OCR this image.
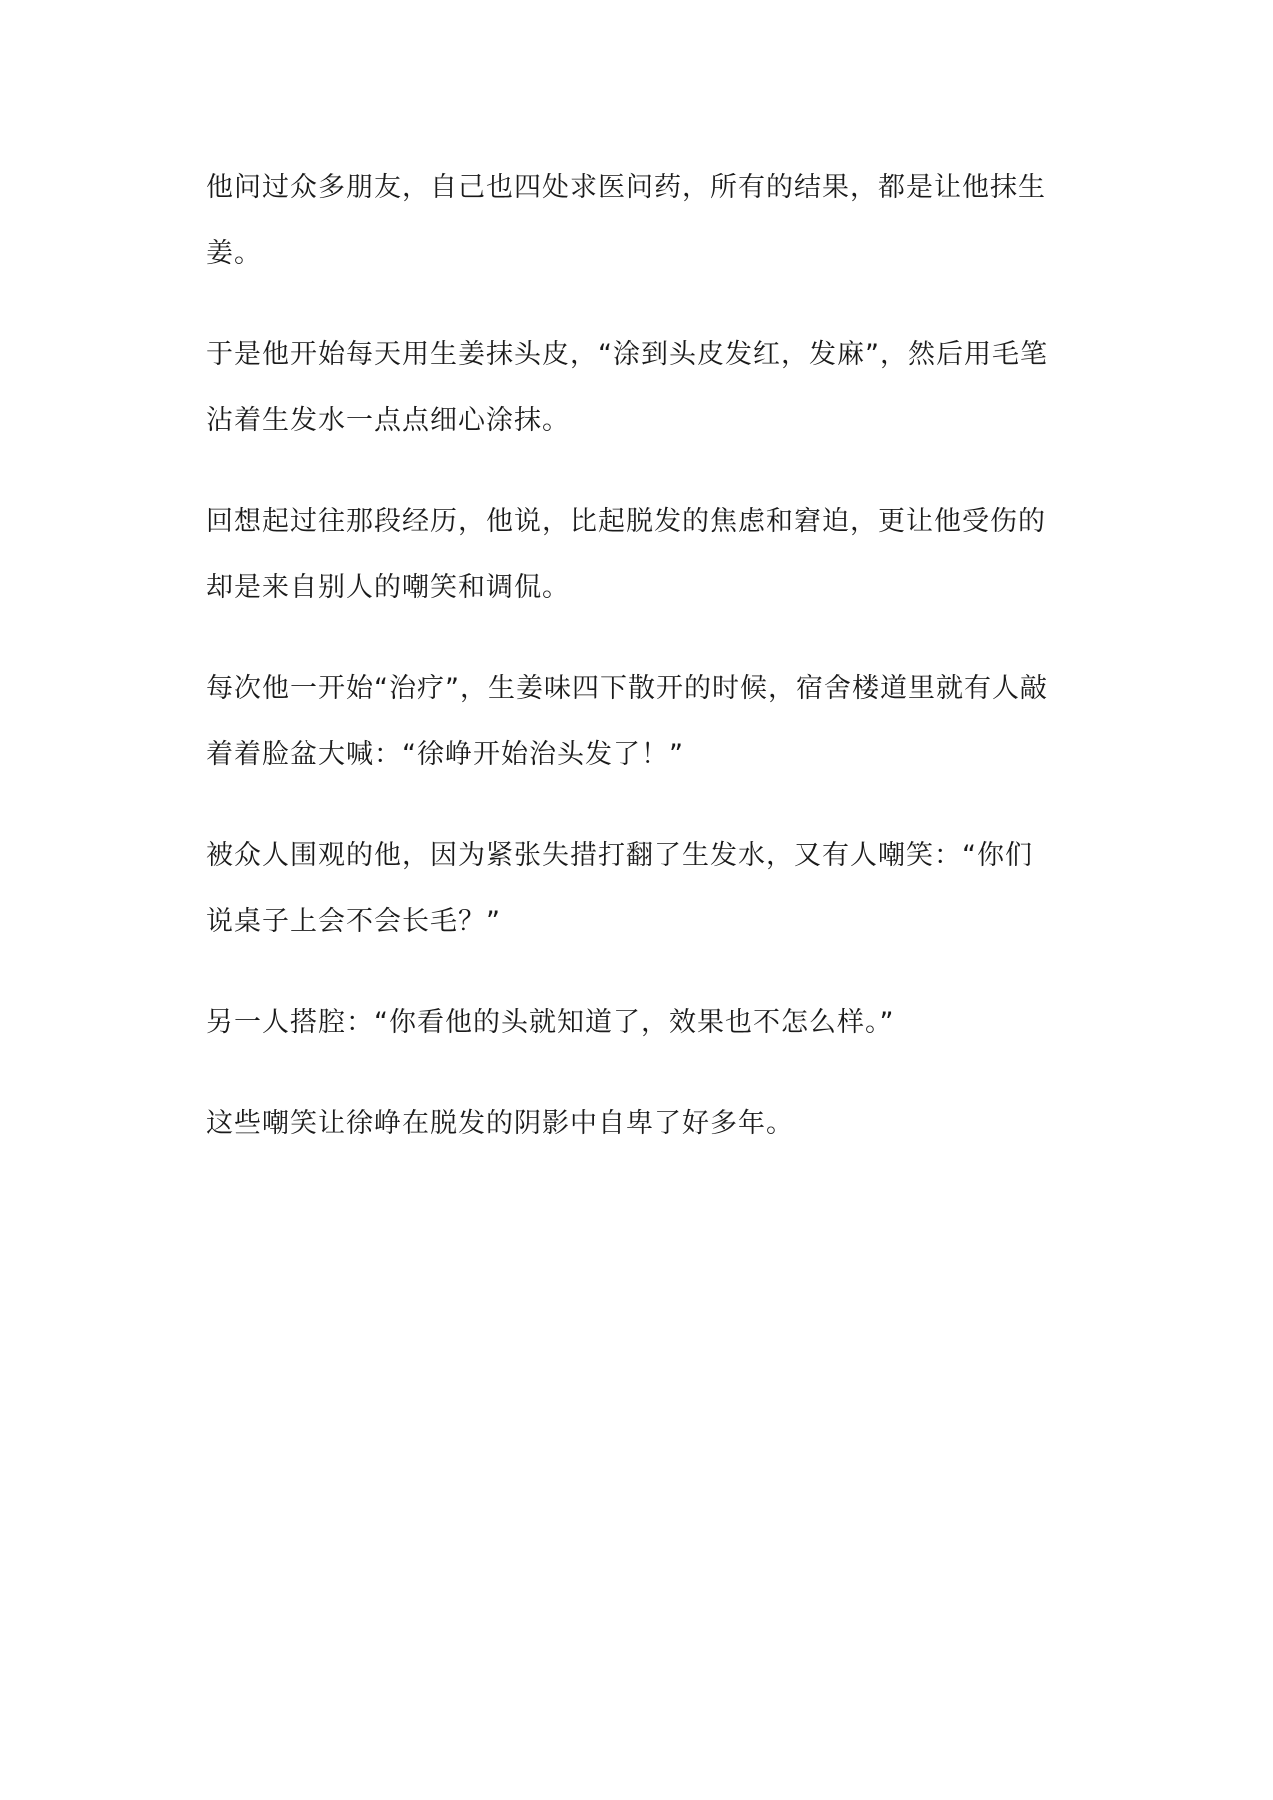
他问过众多朋友，自己也四处求医问药，所有的结果，都是让他抹生
姜。

于是他开始每天用生姜抹头皮，“涂到头皮发红，发麻”，然后用毛笔
沾着生发水一点点细心涂抹。

回想起过往那段经历，他说，比起脱发的焦虑和窘迫，更让他受伤的
却是来自别人的嘲笑和调侃。

每次他一开始“治疗”，生姜味四下散开的时候，宿舍楼道里就有人敲
着着脸盆大喊：“徐峥开始治头发了！”

被众人围观的他，因为紧张失措打翻了生发水，又有人嘲笑：“你们
说桌子上会不会长毛？”

另一人搭腔：“你看他的头就知道了，效果也不怎么样。”

这些嘲笑让徐峥在脱发的阴影中自卑了好多年。
